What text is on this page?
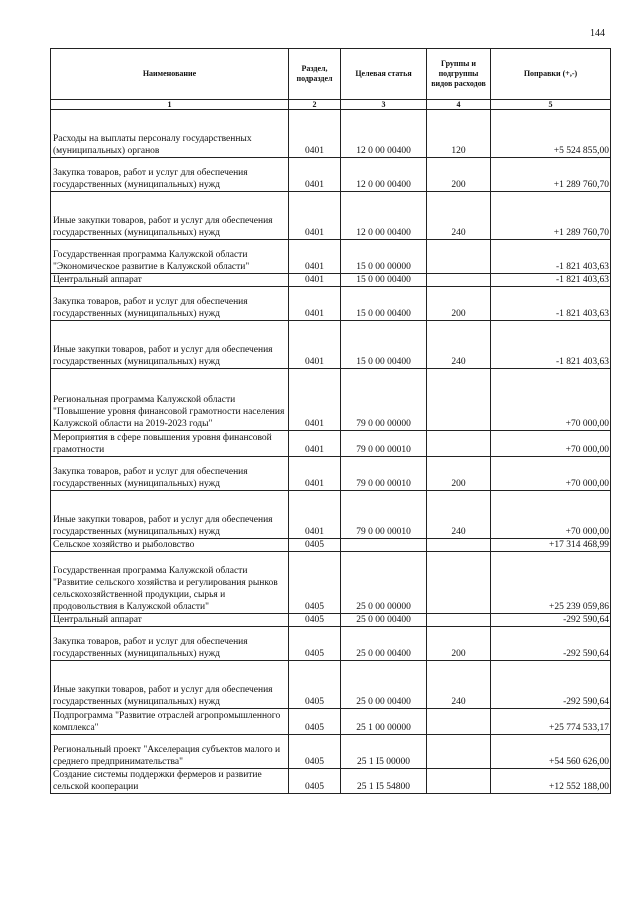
144
Наименование	Раздел, подраздел	Целевая статья	Группы и подгруппы видов расходов	Поправки (+,-)
1	2	3	4	5
Расходы на выплаты персоналу государственных (муниципальных) органов	0401	12 0 00 00400	120	+5 524 855,00
Закупка товаров, работ и услуг для обеспечения государственных (муниципальных) нужд	0401	12 0 00 00400	200	+1 289 760,70
Иные закупки товаров, работ и услуг для обеспечения государственных (муниципальных) нужд	0401	12 0 00 00400	240	+1 289 760,70
Государственная программа Калужской области "Экономическое развитие в Калужской области"	0401	15 0 00 00000		-1 821 403,63
Центральный аппарат	0401	15 0 00 00400		-1 821 403,63
Закупка товаров, работ и услуг для обеспечения государственных (муниципальных) нужд	0401	15 0 00 00400	200	-1 821 403,63
Иные закупки товаров, работ и услуг для обеспечения государственных (муниципальных) нужд	0401	15 0 00 00400	240	-1 821 403,63
Региональная программа Калужской области "Повышение уровня финансовой грамотности населения Калужской области на 2019-2023 годы"	0401	79 0 00 00000		+70 000,00
Мероприятия в сфере повышения уровня финансовой грамотности	0401	79 0 00 00010		+70 000,00
Закупка товаров, работ и услуг для обеспечения государственных (муниципальных) нужд	0401	79 0 00 00010	200	+70 000,00
Иные закупки товаров, работ и услуг для обеспечения государственных (муниципальных) нужд	0401	79 0 00 00010	240	+70 000,00
Сельское хозяйство и рыболовство	0405			+17 314 468,99
Государственная программа Калужской области "Развитие сельского хозяйства и регулирования рынков сельскохозяйственной продукции, сырья и продовольствия в Калужской области"	0405	25 0 00 00000		+25 239 059,86
Центральный аппарат	0405	25 0 00 00400		-292 590,64
Закупка товаров, работ и услуг для обеспечения государственных (муниципальных) нужд	0405	25 0 00 00400	200	-292 590,64
Иные закупки товаров, работ и услуг для обеспечения государственных (муниципальных) нужд	0405	25 0 00 00400	240	-292 590,64
Подпрограмма "Развитие отраслей агропромышленного комплекса"	0405	25 1 00 00000		+25 774 533,17
Региональный проект "Акселерация субъектов малого и среднего предпринимательства"	0405	25 1 I5 00000		+54 560 626,00
Создание системы поддержки фермеров и развитие сельской кооперации	0405	25 1 I5 54800		+12 552 188,00
